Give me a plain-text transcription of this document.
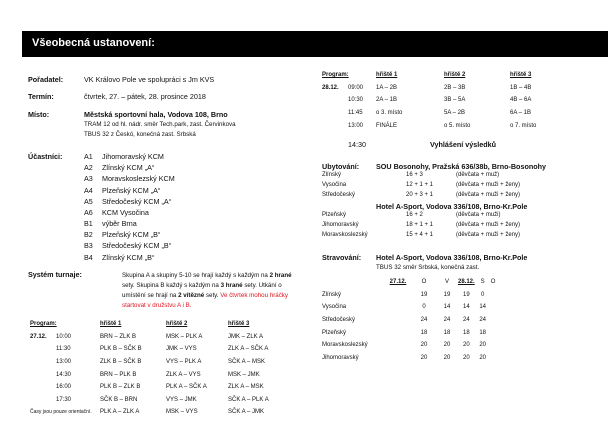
Všeobecná ustanovení:
Pořadatel:	VK Královo Pole ve spolupráci s Jm KVS
Termín:	čtvrtek, 27. – pátek, 28. prosince 2018
Místo:	Městská sportovní hala, Vodova 108, Brno
TRAM 12 od hl. nádr. směr Tech.park, zast. Červinkova
TBUS 32 z Českó, konečná zast. Srbská
Účastníci:	A1 Jihomoravský KCM
A2 Zlínský KCM „A“
A3 Moravskoslezský KCM
A4 Plzeňský KCM „A“
A5 Středočeský KCM „A“
A6 KCM Vysočina
B1 výběr Brna
B2 Plzeňský KCM „B“
B3 Středočeský KCM „B“
B4 Zlínský KCM „B“
Systém turnaje:	Skupina A a skupiny 5-10 se hrají každý s každým na 2 hrané
sety. Skupina B každý s každým na 3 hrané sety. Utkání o
umístění se hrají na 2 vítězné sety. Ve čtvrtek mohou hráčky
startovat v družstvu A i B.
Program:		hřiště 1	hřiště 2	hřiště 3
27.12.	10:00	BRN – ZLK B	MSK – PLK A	JMK – ZLK A
	11:30	PLK B – SČK B	JMK – VYS	ZLK A – SČK A
	13:00	ZLK B – SČK B	VYS – PLK A	SČK A – MSK
	14:30	BRN – PLK B	ZLK A – VYS	MSK – JMK
	16:00	PLK B – ZLK B	PLK A – SČK A	ZLK A – MSK
	17:30	SČK B – BRN	VYS – JMK	SČK A – PLK A
Časy jsou pouze orientační.		PLK A – ZLK A	MSK – VYS	SČK A – JMK
Program:		hřiště 1	hřiště 2	hřiště 3
28.12.	09:00	1A – 2B	2B – 3B	1B – 4B
	10:30	2A – 1B	3B – 5A	4B – 6A
	11:45	o 3. místo	5A – 2B	6A – 1B
	13:00	FINÁLE	o 5. místo	o 7. místo
14:30	Vyhlášení výsledků
Ubytování: SOU Bosonohy, Pražská 636/38b, Brno-Bosonohy
Zlínský	16 + 3	(děvčata + muž)
Vysočina	12 + 1 + 1	(děvčata + muži + ženy)
Středočeský	20 + 3 + 1	(děvčata + muži + ženy)
Hotel A-Sport, Vodova 336/108, Brno-Kr.Pole
Plzeňský	16 + 2	(děvčata + muži)
Jihomoravský	18 + 1 + 1	(děvčata + muži + ženy)
Moravskoslezský	15 + 4 + 1	(děvčata + muži + ženy)
Stravování: Hotel A-Sport, Vodova 336/108, Brno-Kr.Pole
TBUS 32 směr Srbská, konečná zast.
	27.12.		O	V	28.12.	S	O
Zlínský			19	19	19	0	
Vysočina			0	14	14	14	
Středočeský			24	24	24	24	
Plzeňský			18	18	18	18	
Moravskoslezský			20	20	20	20	
Jihomoravský			20	20	20	20	
